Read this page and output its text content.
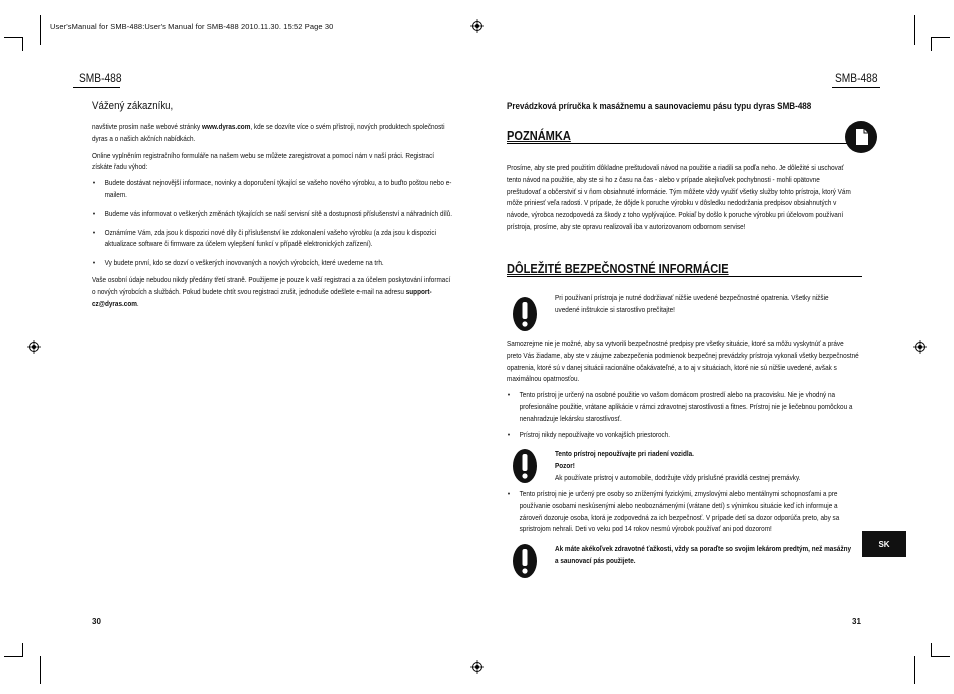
User'sManual for SMB-488:User's Manual for SMB-488 2010.11.30. 15:52 Page 30
SMB-488
Vážený zákazníku,

navštivte prosím naše webové stránky www.dyras.com, kde se dozvíte více o svém přístroji, nových produktech společnosti dyras a o našich akčních nabídkách.

Online vyplněním registračního formuláře na našem webu se můžete zaregistrovat a pomocí nám v naší práci. Registrací získáte řadu výhod:

• Budete dostávat nejnovější informace, novinky a doporučení týkající se vašeho nového výrobku, a to buďto poštou nebo e-mailem.
• Budeme vás informovat o veškerých změnách týkajících se naší servisní sítě a dostupnosti příslušenství a náhradních dílů.
• Oznámíme Vám, zda jsou k dispozici nové díly či příslušenství ke zdokonalení vašeho výrobku (a zda jsou k dispozici aktualizace software či firmware za účelem vylepšení funkcí v případě elektronických zařízení).
• Vy budete první, kdo se dozví o veškerých inovovaných a nových výrobcích, které uvedeme na trh.

Vaše osobní údaje nebudou nikdy předány třetí straně. Použijeme je pouze k vaší registraci a za účelem poskytování informací o nových výrobcích a službách. Pokud budete chtít svou registraci zrušit, jednoduše odešlete e-mail na adresu support-cz@dyras.com.

30
SMB-488
Prevádzková príručka k masážnemu a saunovaciemu pásu typu dyras SMB-488
POZNÁMKA
Prosíme, aby ste pred použitím dôkladne preštudovali návod na použitie a riadili sa podľa neho. Je dôležité si uschovať tento návod na použitie, aby ste si ho z času na čas - alebo v prípade akejkoľvek pochybnosti - mohli opätovne preštudovať a občerstviť si v ňom obsiahnuté informácie. Tým môžete vždy využiť všetky služby tohto prístroja, ktorý Vám môže priniesť veľa radosti. V prípade, že dôjde k poruche výrobku v dôsledku nedodržania predpisov obsiahnutých v návode, výrobca nezodpovedá za škody z toho vyplývajúce. Pokiaľ by došlo k poruche výrobku pri účelovom používaní prístroja, prosíme, aby ste opravu realizovali iba v autorizovanom odbornom servise!
DÔLEŽITÉ BEZPEČNOSTNÉ INFORMÁCIE
Pri používaní prístroja je nutné dodržiavať nižšie uvedené bezpečnostné opatrenia. Všetky nižšie uvedené inštrukcie si starostlivo prečítajte!
Samozrejme nie je možné, aby sa vytvorili bezpečnostné predpisy pre všetky situácie, ktoré sa môžu vyskytnúť a práve preto Vás žiadame, aby ste v záujme zabezpečenia podmienok bezpečnej prevádzky prístroja vykonali všetky bezpečnostné opatrenia, ktoré sú v danej situácii racionálne očakávateľné, a to aj v situáciach, ktoré nie sú nižšie uvedené, avšak s maximálnou opatrnosťou.
• Tento prístroj je určený na osobné použitie vo vašom domácom prostredí alebo na pracovisku. Nie je vhodný na profesionálne použitie, vrátane aplikácie v rámci zdravotnej starostlivosti a fitnes. Prístroj nie je liečebnou pomôckou a nenahradzuje lekársku starostlivosť.
• Prístroj nikdy nepoužívajte vo vonkajších priestoroch.

Tento prístroj nepoužívajte pri riadení vozidla.

Pozor!

Ak používate prístroj v automobile, dodržujte vždy príslušné pravidlá cestnej premávky.

• Tento prístroj nie je určený pre osoby so zníženými fyzickými, zmyslovými alebo mentálnymi schopnosťami a pre používanie osobami neskúsenými alebo neoboznámenými (vrátane detí) s výnimkou situácie keď ich informuje a zároveň dozoruje osoba, ktorá je zodpovedná za ich bezpečnosť. V prípade detí sa dozor odporúča preto, aby sa spristrojom nehrali. Deti vo veku pod 14 rokov nesmú výrobok používať ani pod dozorom!
Ak máte akékoľvek zdravotné ťažkosti, vždy sa poraďte so svojim lekárom predtým, než masážny a saunovací pás použijete.
SK
31
